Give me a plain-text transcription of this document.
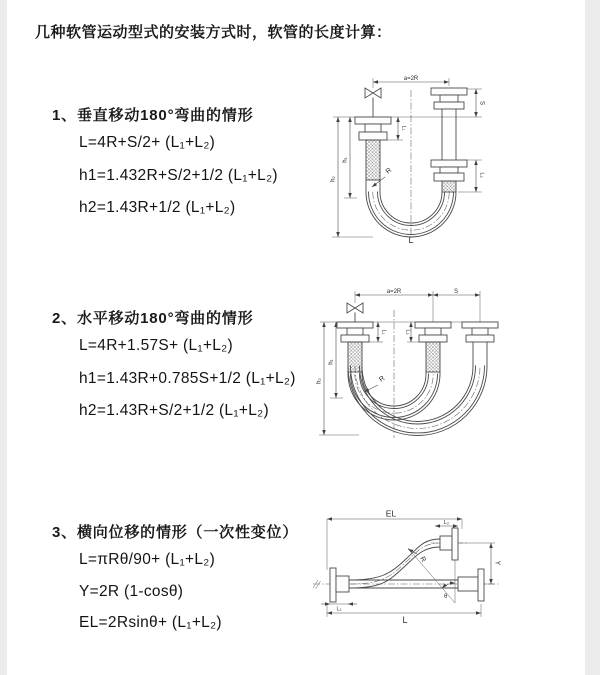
几种软管运动型式的安装方式时，软管的长度计算：
1、垂直移动180°弯曲的情形
L=4R+S/2+ (L₁+L₂)
h1=1.432R+S/2+1/2 (L₁+L₂)
h2=1.43R+1/2 (L₁+L₂)
2、水平移动180°弯曲的情形
L=4R+1.57S+ (L₁+L₂)
h1=1.43R+0.785S+1/2 (L₁+L₂)
h2=1.43R+S/2+1/2 (L₁+L₂)
3、横向位移的情形（一次性变位）
L=πRθ/90+ (L₁+L₂)
Y=2R (1-cosθ)
EL=2Rsinθ+ (L₁+L₂)
a=2R
h₁
h₂
L₁
S
L₂
R
L
a=2R	S
h₁
h₂
L₁	L₂
R
EL
L₂
Y
L
L₁
R
θ
